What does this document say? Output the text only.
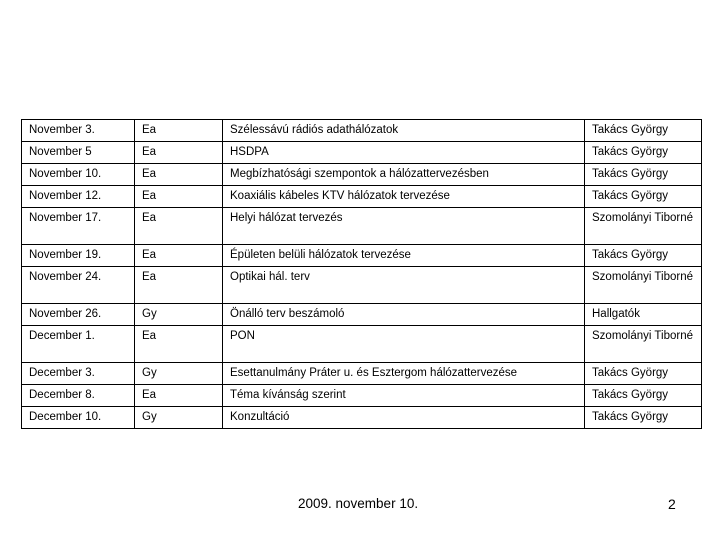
November 3.	Ea	Szélessávú rádiós adathálózatok	Takács György
November 5	Ea	HSDPA	Takács György
November 10.	Ea	Megbízhatósági szempontok a hálózattervezésben	Takács György
November 12.	Ea	Koaxiális kábeles KTV hálózatok tervezése	Takács György
November 17.	Ea	Helyi hálózat tervezés	Szomolányi Tiborné
November 19.	Ea	Épületen belüli hálózatok tervezése	Takács György
November 24.	Ea	Optikai hál. terv	Szomolányi Tiborné
November 26.	Gy	Önálló terv beszámoló	Hallgatók
December 1.	Ea	PON	Szomolányi Tiborné
December 3.	Gy	Esettanulmány Práter u. és Esztergom hálózattervezése	Takács György
December 8.	Ea	Téma kívánság szerint	Takács György
December 10.	Gy	Konzultáció	Takács György
2009. november 10.	2
